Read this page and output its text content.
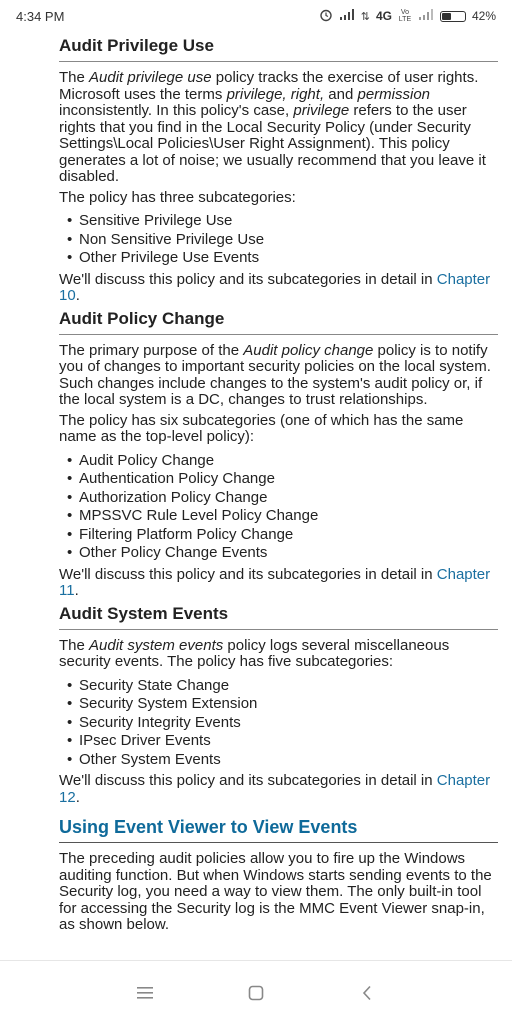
4:34 PM	⇅ 4G	Vo LTE	42%
Audit Privilege Use

The Audit privilege use policy tracks the exercise of user rights. Microsoft uses the terms privilege, right, and permission inconsistently. In this policy's case, privilege refers to the user rights that you find in the Local Security Policy (under Security Settings\Local Policies\User Right Assignment). This policy generates a lot of noise; we usually recommend that you leave it disabled.

The policy has three subcategories:

• Sensitive Privilege Use
• Non Sensitive Privilege Use
• Other Privilege Use Events

We'll discuss this policy and its subcategories in detail in Chapter 10.

Audit Policy Change

The primary purpose of the Audit policy change policy is to notify you of changes to important security policies on the local system. Such changes include changes to the system's audit policy or, if the local system is a DC, changes to trust relationships.

The policy has six subcategories (one of which has the same name as the top-level policy):

• Audit Policy Change
• Authentication Policy Change
• Authorization Policy Change
• MPSSVC Rule Level Policy Change
• Filtering Platform Policy Change
• Other Policy Change Events

We'll discuss this policy and its subcategories in detail in Chapter 11.

Audit System Events

The Audit system events policy logs several miscellaneous security events. The policy has five subcategories:

• Security State Change
• Security System Extension
• Security Integrity Events
• IPsec Driver Events
• Other System Events

We'll discuss this policy and its subcategories in detail in Chapter 12.

Using Event Viewer to View Events

The preceding audit policies allow you to fire up the Windows auditing function. But when Windows starts sending events to the Security log, you need a way to view them. The only built-in tool for accessing the Security log is the MMC Event Viewer snap-in, as shown below.
